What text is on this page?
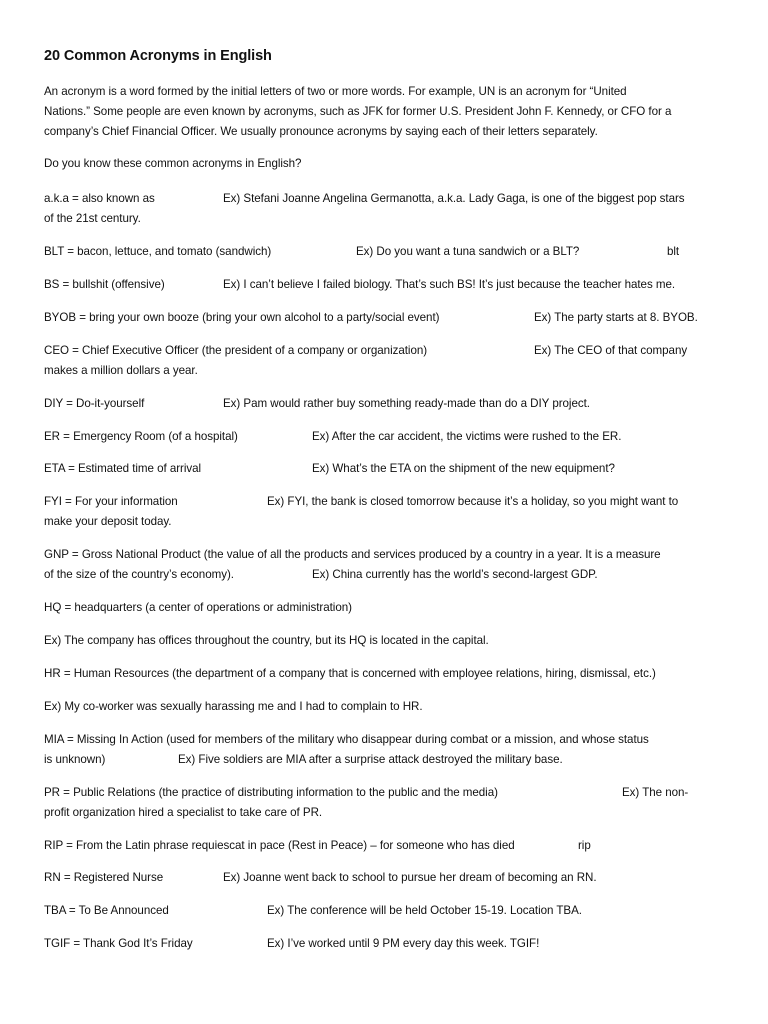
20 Common Acronyms in English
An acronym is a word formed by the initial letters of two or more words. For example, UN is an acronym for “United
Nations.” Some people are even known by acronyms, such as JFK for former U.S. President John F. Kennedy, or CFO for a
company’s Chief Financial Officer. We usually pronounce acronyms by saying each of their letters separately.
Do you know these common acronyms in English?
a.k.a = also known as	Ex) Stefani Joanne Angelina Germanotta, a.k.a. Lady Gaga, is one of the biggest pop stars
of the 21st century.
BLT = bacon, lettuce, and tomato (sandwich)	Ex) Do you want a tuna sandwich or a BLT?	blt
BS = bullshit (offensive)	Ex) I can’t believe I failed biology. That’s such BS! It’s just because the teacher hates me.
BYOB = bring your own booze (bring your own alcohol to a party/social event)	Ex) The party starts at 8. BYOB.
CEO = Chief Executive Officer (the president of a company or organization)	Ex) The CEO of that company
makes a million dollars a year.
DIY = Do-it-yourself	Ex) Pam would rather buy something ready-made than do a DIY project.
ER = Emergency Room (of a hospital)	Ex) After the car accident, the victims were rushed to the ER.
ETA = Estimated time of arrival	Ex) What’s the ETA on the shipment of the new equipment?
FYI = For your information	Ex) FYI, the bank is closed tomorrow because it’s a holiday, so you might want to
make your deposit today.
GNP = Gross National Product (the value of all the products and services produced by a country in a year. It is a measure
of the size of the country’s economy).	Ex) China currently has the world’s second-largest GDP.
HQ = headquarters (a center of operations or administration)
Ex) The company has offices throughout the country, but its HQ is located in the capital.
HR = Human Resources (the department of a company that is concerned with employee relations, hiring, dismissal, etc.)
Ex) My co-worker was sexually harassing me and I had to complain to HR.
MIA = Missing In Action (used for members of the military who disappear during combat or a mission, and whose status
is unknown)	Ex) Five soldiers are MIA after a surprise attack destroyed the military base.
PR = Public Relations (the practice of distributing information to the public and the media)	Ex) The non-
profit organization hired a specialist to take care of PR.
RIP = From the Latin phrase requiescat in pace (Rest in Peace) – for someone who has died	rip
RN = Registered Nurse	Ex) Joanne went back to school to pursue her dream of becoming an RN.
TBA = To Be Announced	Ex) The conference will be held October 15-19. Location TBA.
TGIF = Thank God It’s Friday	Ex) I’ve worked until 9 PM every day this week. TGIF!
